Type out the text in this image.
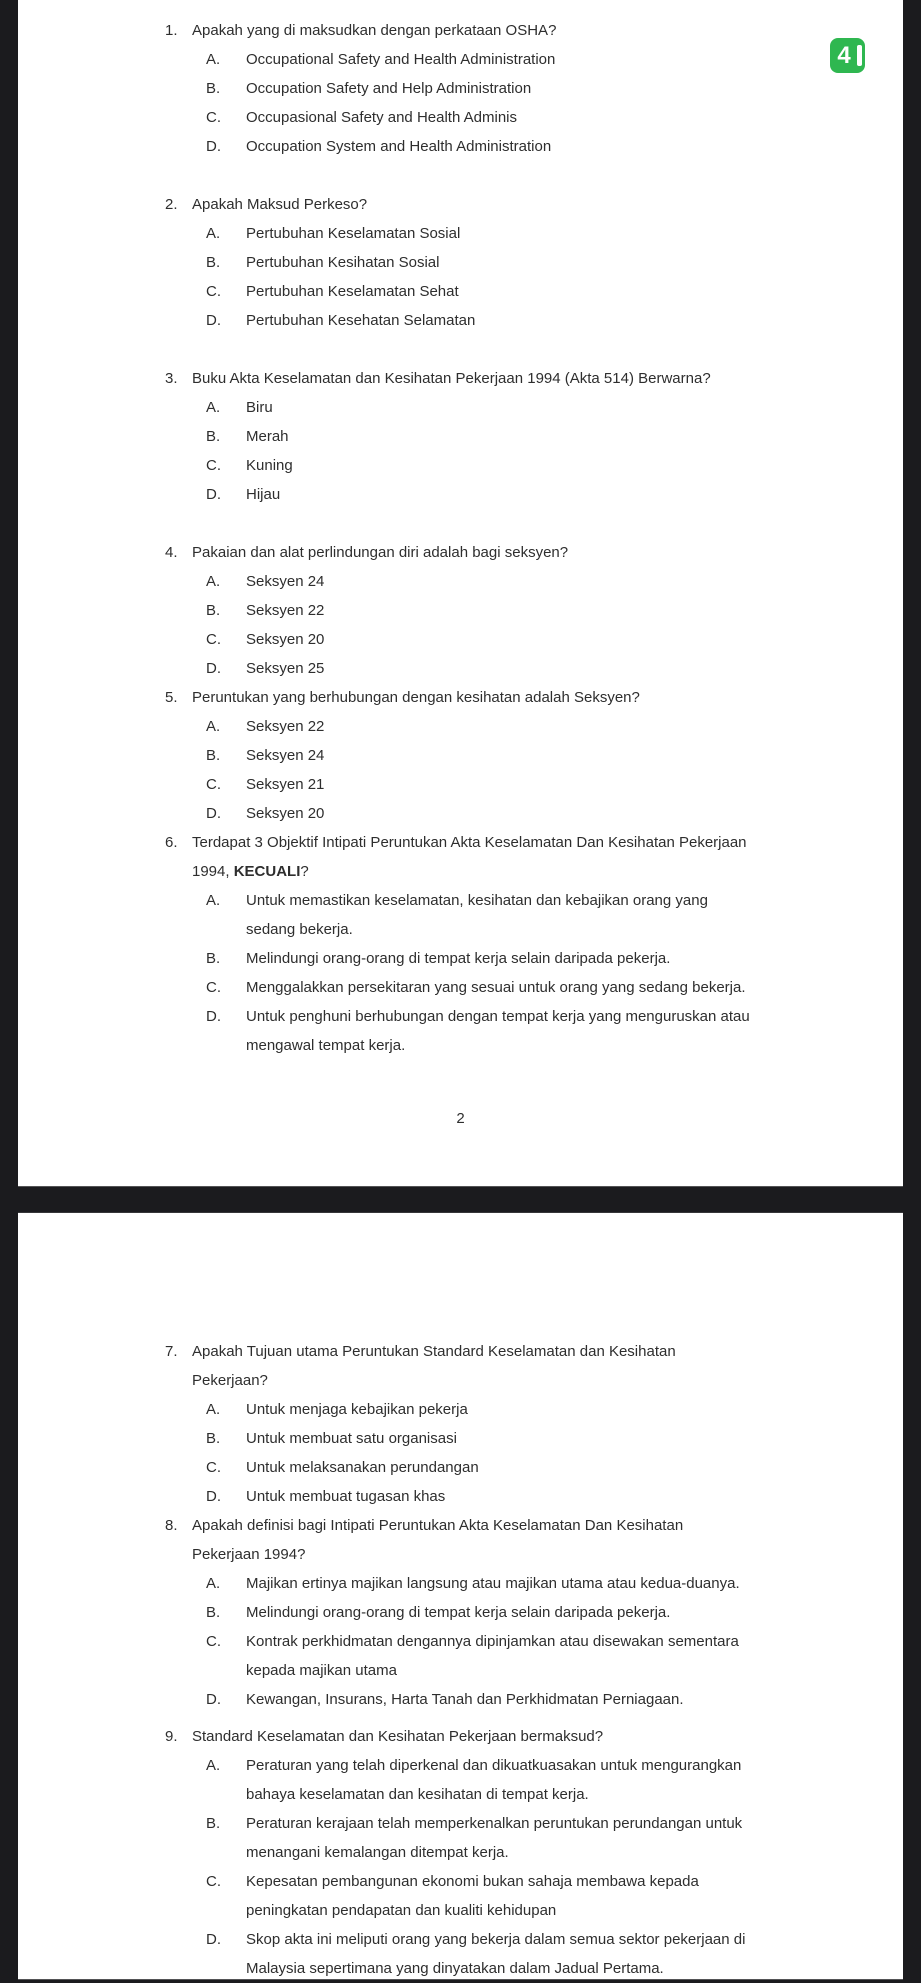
4
1. Apakah yang di maksudkan dengan perkataan OSHA?
A.	Occupational Safety and Health Administration
B.	Occupation Safety and Help Administration
C.	Occupasional Safety and Health Adminis
D.	Occupation System and Health Administration
2. Apakah Maksud Perkeso?
A.	Pertubuhan Keselamatan Sosial
B.	Pertubuhan Kesihatan Sosial
C.	Pertubuhan Keselamatan Sehat
D.	Pertubuhan Kesehatan Selamatan
3. Buku Akta Keselamatan dan Kesihatan Pekerjaan 1994 (Akta 514) Berwarna?
A.	Biru
B.	Merah
C.	Kuning
D.	Hijau
4. Pakaian dan alat perlindungan diri adalah bagi seksyen?
A.	Seksyen 24
B.	Seksyen 22
C.	Seksyen 20
D.	Seksyen 25
5. Peruntukan yang berhubungan dengan kesihatan adalah Seksyen?
A.	Seksyen 22
B.	Seksyen 24
C.	Seksyen 21
D.	Seksyen 20
6. Terdapat 3 Objektif Intipati Peruntukan Akta Keselamatan Dan Kesihatan Pekerjaan
1994, KECUALI?
A.	Untuk memastikan keselamatan, kesihatan dan kebajikan orang yang
sedang bekerja.
B.	Melindungi orang-orang di tempat kerja selain daripada pekerja.
C.	Menggalakkan persekitaran yang sesuai untuk orang yang sedang bekerja.
D.	Untuk penghuni berhubungan dengan tempat kerja yang menguruskan atau
mengawal tempat kerja.
2
7. Apakah Tujuan utama Peruntukan Standard Keselamatan dan Kesihatan
Pekerjaan?
A.	Untuk menjaga kebajikan pekerja
B.	Untuk membuat satu organisasi
C.	Untuk melaksanakan perundangan
D.	Untuk membuat tugasan khas
8. Apakah definisi bagi Intipati Peruntukan Akta Keselamatan Dan Kesihatan
Pekerjaan 1994?
A.	Majikan ertinya majikan langsung atau majikan utama atau kedua-duanya.
B.	Melindungi orang-orang di tempat kerja selain daripada pekerja.
C.	Kontrak perkhidmatan dengannya dipinjamkan atau disewakan sementara
kepada majikan utama
D.	Kewangan, Insurans, Harta Tanah dan Perkhidmatan Perniagaan.
9. Standard Keselamatan dan Kesihatan Pekerjaan bermaksud?
A.	Peraturan yang telah diperkenal dan dikuatkuasakan untuk mengurangkan
bahaya keselamatan dan kesihatan di tempat kerja.
B.	Peraturan kerajaan telah memperkenalkan peruntukan perundangan untuk
menangani kemalangan ditempat kerja.
C.	Kepesatan pembangunan ekonomi bukan sahaja membawa kepada
peningkatan pendapatan dan kualiti kehidupan
D.	Skop akta ini meliputi orang yang bekerja dalam semua sektor pekerjaan di
Malaysia sepertimana yang dinyatakan dalam Jadual Pertama.
